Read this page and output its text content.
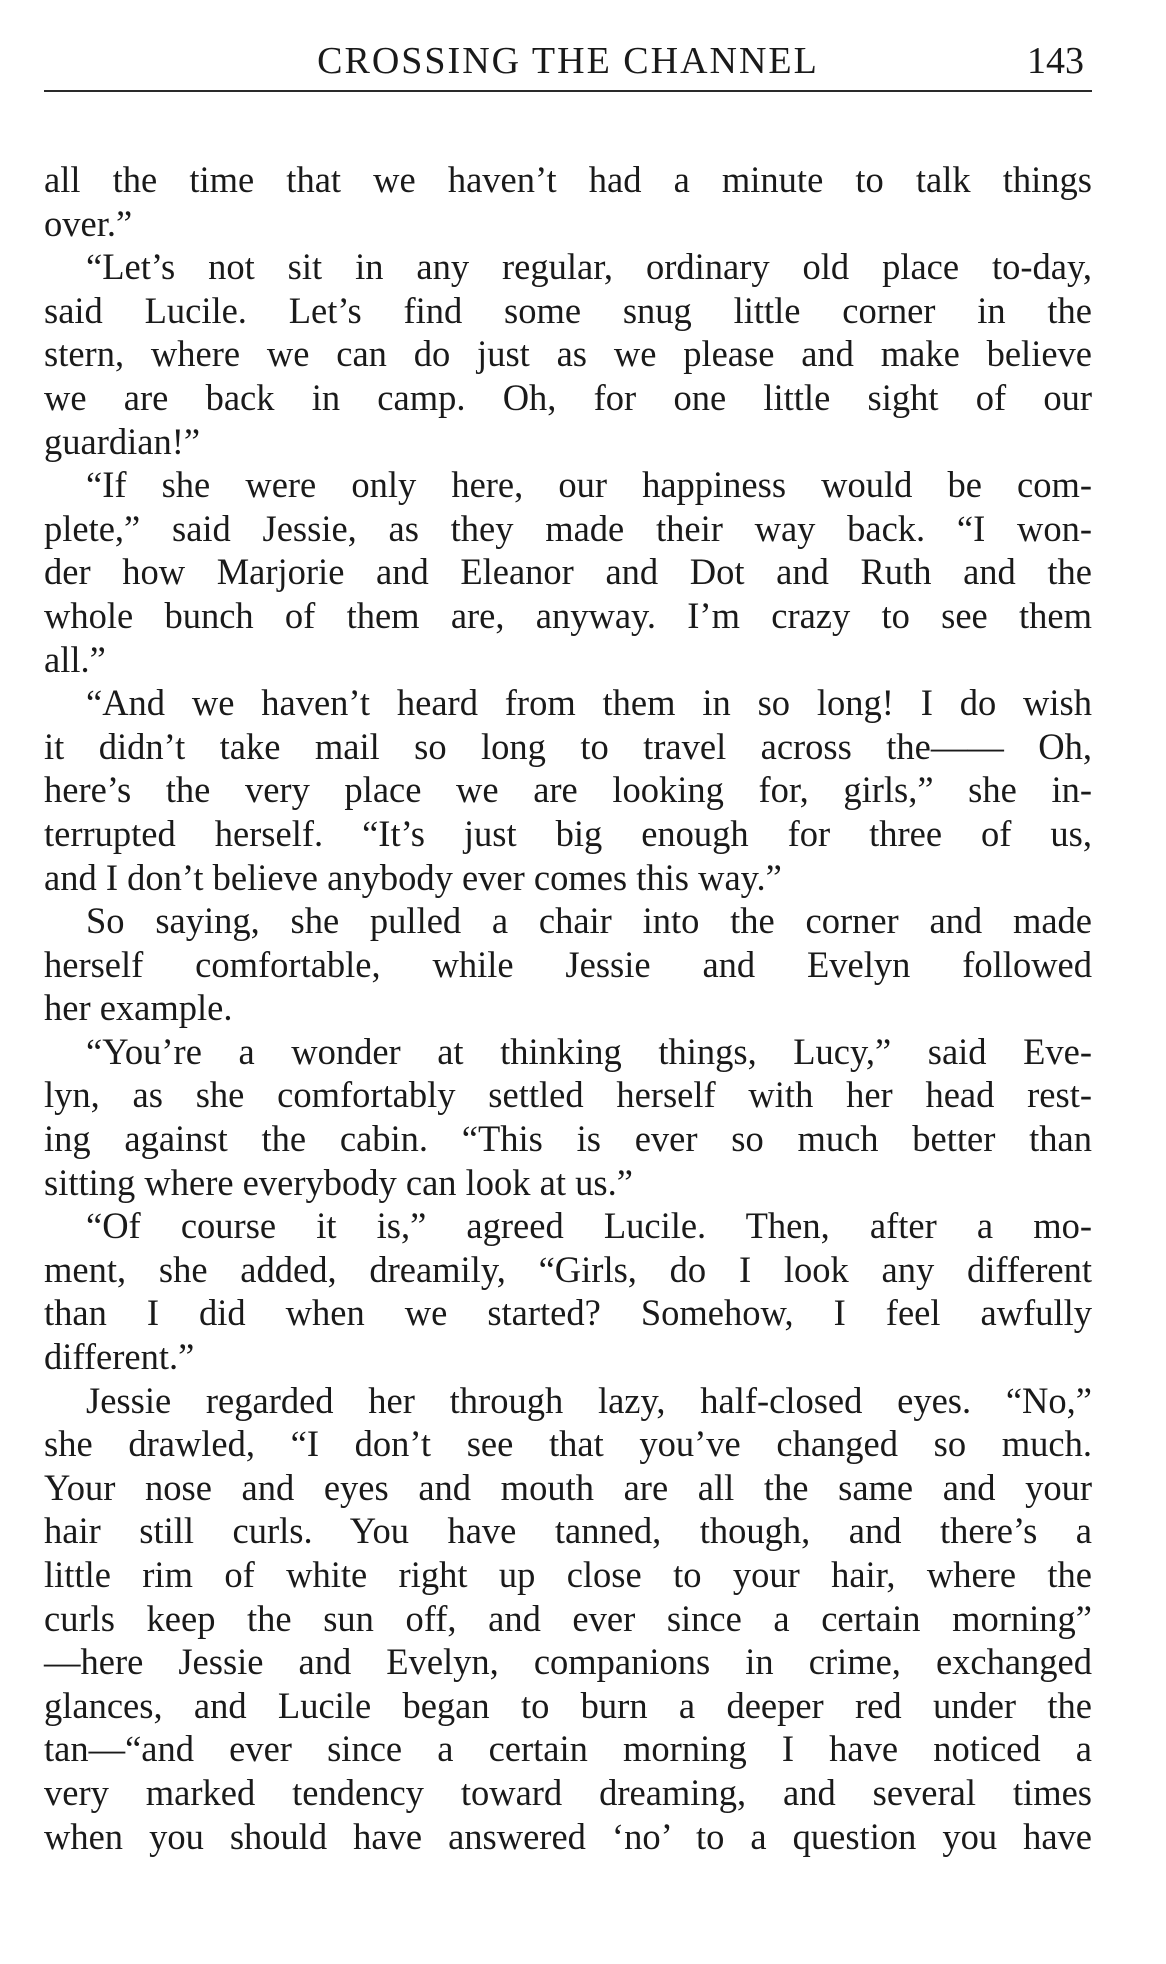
CROSSING THE CHANNEL	143
all the time that we haven’t had a minute to talk things
over.”
“Let’s not sit in any regular, ordinary old place to-day,
said Lucile. Let’s find some snug little corner in the
stern, where we can do just as we please and make believe
we are back in camp. Oh, for one little sight of our
guardian!”
“If she were only here, our happiness would be com-
plete,” said Jessie, as they made their way back. “I won-
der how Marjorie and Eleanor and Dot and Ruth and the
whole bunch of them are, anyway. I’m crazy to see them
all.”
“And we haven’t heard from them in so long! I do wish
it didn’t take mail so long to travel across the—— Oh,
here’s the very place we are looking for, girls,” she in-
terrupted herself. “It’s just big enough for three of us,
and I don’t believe anybody ever comes this way.”
So saying, she pulled a chair into the corner and made
herself comfortable, while Jessie and Evelyn followed
her example.
“You’re a wonder at thinking things, Lucy,” said Eve-
lyn, as she comfortably settled herself with her head rest-
ing against the cabin. “This is ever so much better than
sitting where everybody can look at us.”
“Of course it is,” agreed Lucile. Then, after a mo-
ment, she added, dreamily, “Girls, do I look any different
than I did when we started? Somehow, I feel awfully
different.”
Jessie regarded her through lazy, half-closed eyes. “No,”
she drawled, “I don’t see that you’ve changed so much.
Your nose and eyes and mouth are all the same and your
hair still curls. You have tanned, though, and there’s a
little rim of white right up close to your hair, where the
curls keep the sun off, and ever since a certain morning”
—here Jessie and Evelyn, companions in crime, exchanged
glances, and Lucile began to burn a deeper red under the
tan—“and ever since a certain morning I have noticed a
very marked tendency toward dreaming, and several times
when you should have answered ‘no’ to a question you have
